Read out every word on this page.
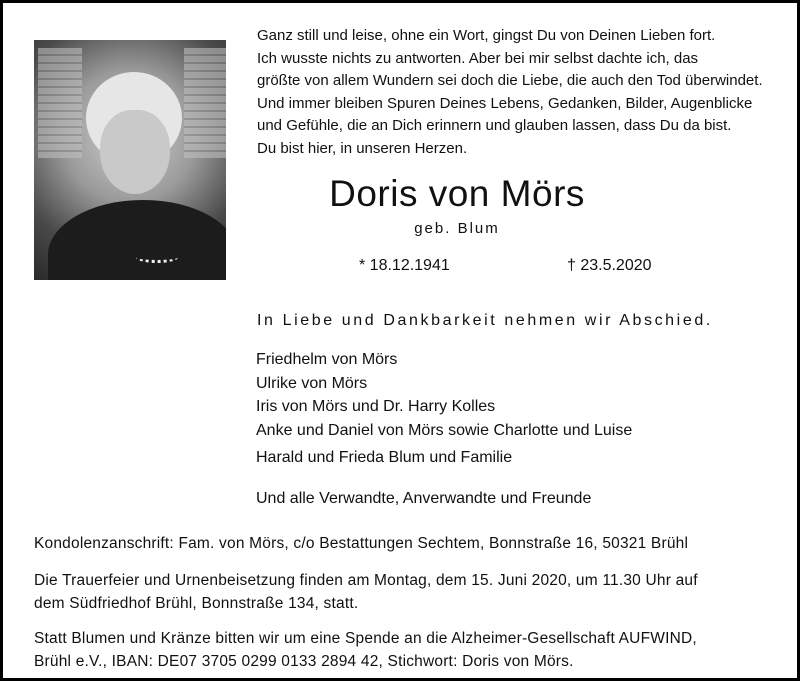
Ganz still und leise, ohne ein Wort, gingst Du von Deinen Lieben fort.
Ich wusste nichts zu antworten. Aber bei mir selbst dachte ich, das
größte von allem Wundern sei doch die Liebe, die auch den Tod überwindet.
Und immer bleiben Spuren Deines Lebens, Gedanken, Bilder, Augenblicke
und Gefühle, die an Dich erinnern und glauben lassen, dass Du da bist.
Du bist hier, in unseren Herzen.
Doris von Mörs
geb. Blum
* 18.12.1941	† 23.5.2020
In Liebe und Dankbarkeit nehmen wir Abschied.
Friedhelm von Mörs
Ulrike von Mörs
Iris von Mörs und Dr. Harry Kolles
Anke und Daniel von Mörs sowie Charlotte und Luise
Harald und Frieda Blum und Familie
Und alle Verwandte, Anverwandte und Freunde
Kondolenzanschrift: Fam. von Mörs, c/o Bestattungen Sechtem, Bonnstraße 16, 50321 Brühl
Die Trauerfeier und Urnenbeisetzung finden am Montag, dem 15. Juni 2020, um 11.30 Uhr auf
dem Südfriedhof Brühl, Bonnstraße 134, statt.
Statt Blumen und Kränze bitten wir um eine Spende an die Alzheimer-Gesellschaft AUFWIND,
Brühl e.V., IBAN: DE07 3705 0299 0133 2894 42, Stichwort: Doris von Mörs.
